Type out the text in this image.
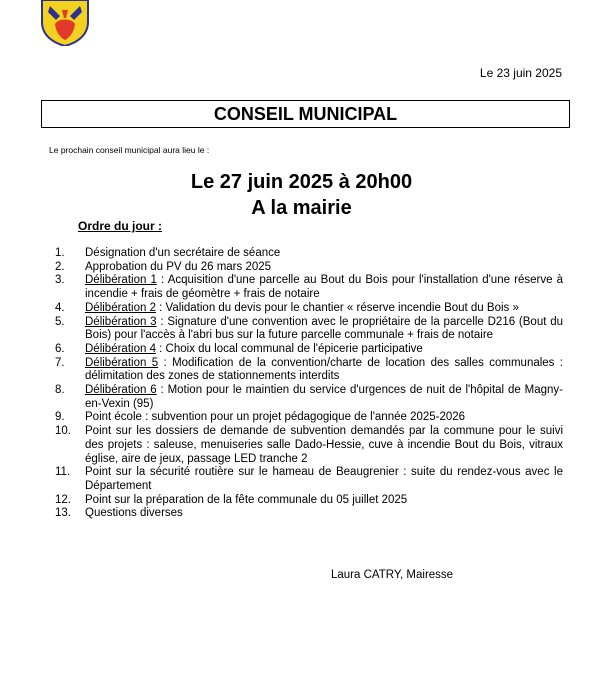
Le 23 juin 2025
CONSEIL MUNICIPAL
Le prochain conseil municipal aura lieu le :
Le 27 juin 2025 à 20h00
A la mairie
Ordre du jour :
1. Désignation d'un secrétaire de séance
2. Approbation du PV du 26 mars 2025
3. Délibération 1 : Acquisition d'une parcelle au Bout du Bois pour l'installation d'une réserve à incendie + frais de géomètre + frais de notaire
4. Délibération 2 : Validation du devis pour le chantier « réserve incendie Bout du Bois »
5. Délibération 3 : Signature d'une convention avec le propriétaire de la parcelle D216 (Bout du Bois) pour l'accès à l'abri bus sur la future parcelle communale + frais de notaire
6. Délibération 4 : Choix du local communal de l'épicerie participative
7. Délibération 5 : Modification de la convention/charte de location des salles communales : délimitation des zones de stationnements interdits
8. Délibération 6 : Motion pour le maintien du service d'urgences de nuit de l'hôpital de Magny-en-Vexin (95)
9. Point école : subvention pour un projet pédagogique de l'année 2025-2026
10. Point sur les dossiers de demande de subvention demandés par la commune pour le suivi des projets : saleuse, menuiseries salle Dado-Hessie, cuve à incendie Bout du Bois, vitraux église, aire de jeux, passage LED tranche 2
11. Point sur la sécurité routière sur le hameau de Beaugrenier : suite du rendez-vous avec le Département
12. Point sur la préparation de la fête communale du 05 juillet 2025
13. Questions diverses
Laura CATRY, Mairesse
